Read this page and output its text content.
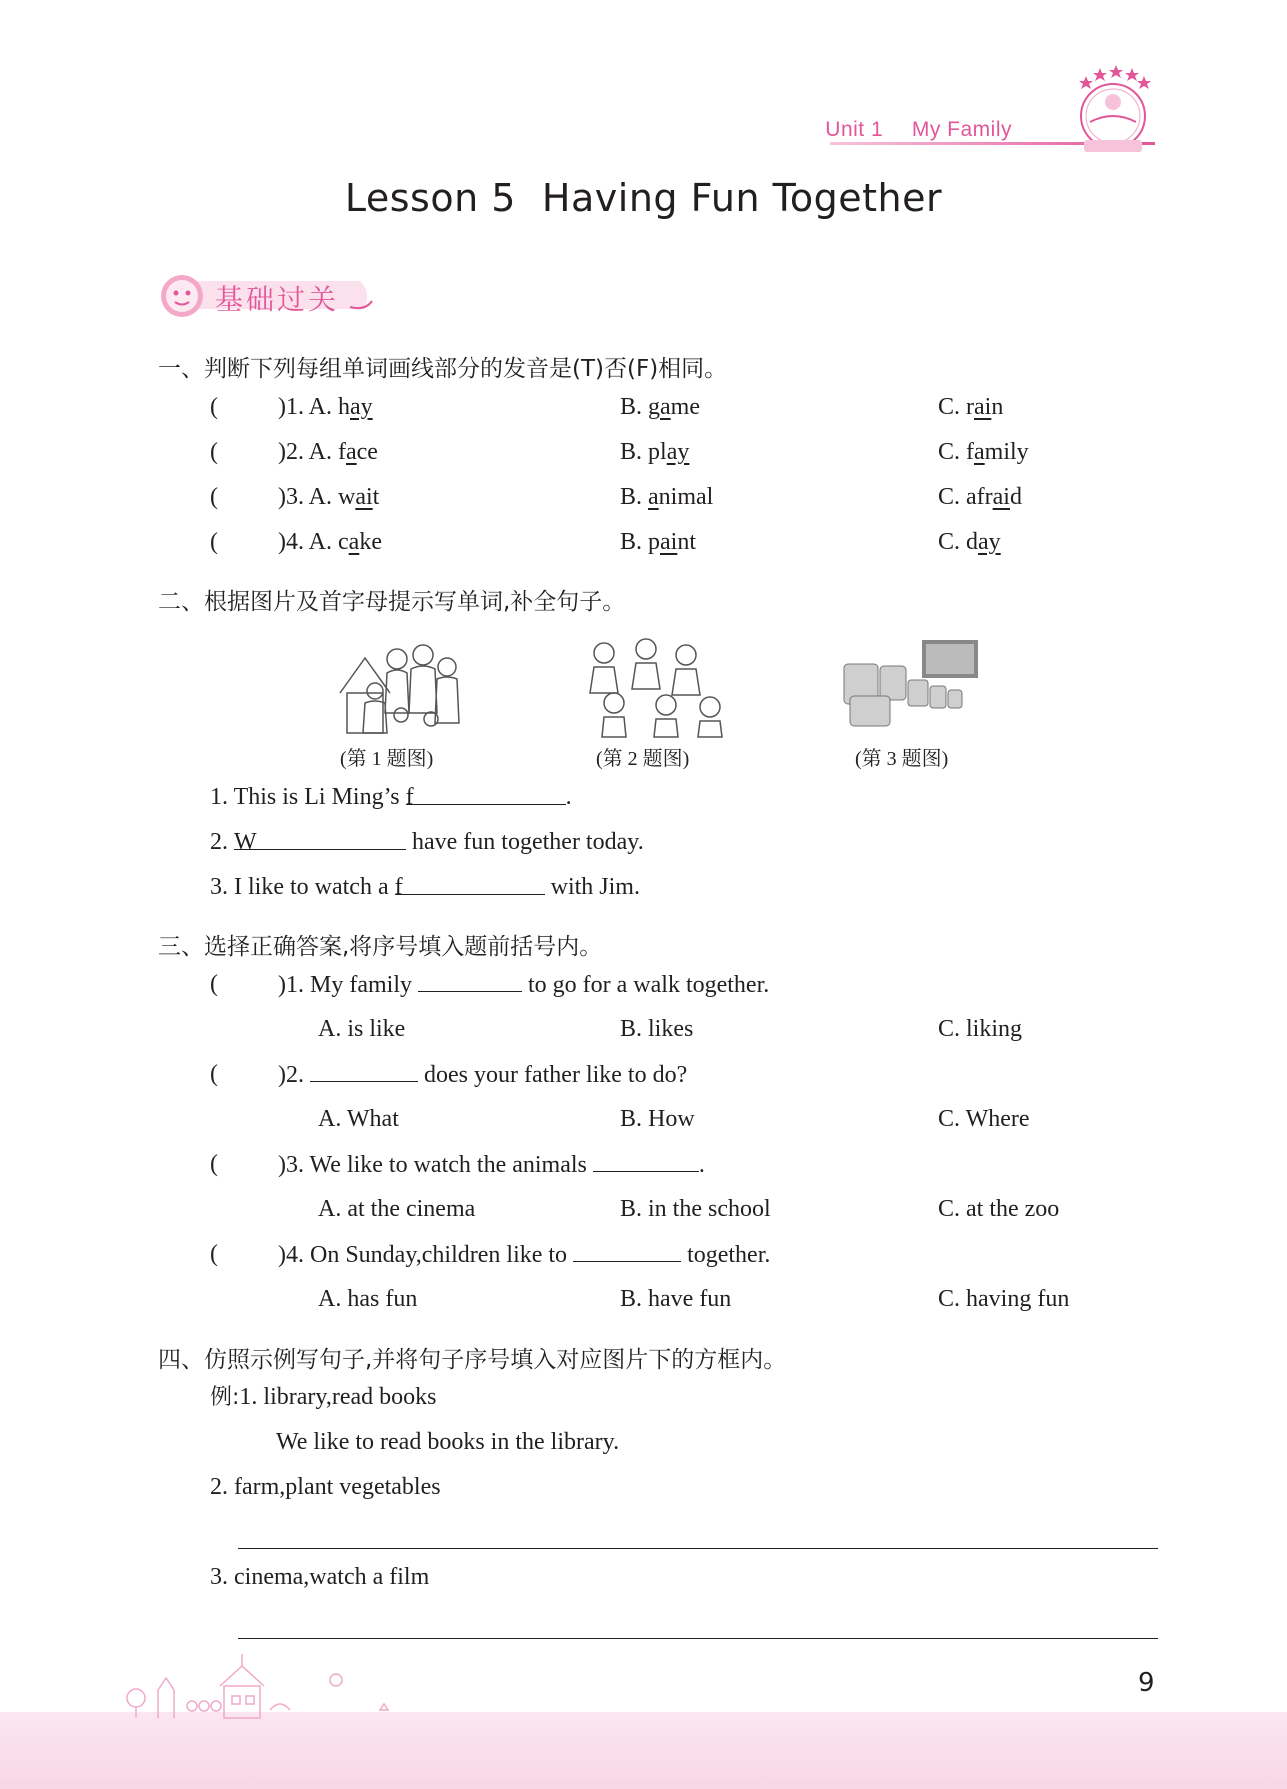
Unit 1 My Family
Lesson 5 Having Fun Together
基础过关
一、判断下列每组单词画线部分的发音是(T)否(F)相同。
二、根据图片及首字母提示写单词,补全句子。
(第 1 题图)	(第 2 题图)	(第 3 题图)
1. This is Li Ming’s f	.
2. W	have fun together today.
3. I like to watch a f	with Jim.
三、选择正确答案,将序号填入题前括号内。
四、仿照示例写句子,并将句子序号填入对应图片下的方框内。
例:1. library,read books
We like to read books in the library.
2. farm,plant vegetables
3. cinema,watch a film
9
(	)1. A. hay	B. game	C. rain
(	)2. A. face	B. play	C. family
(	)3. A. wait	B. animal	C. afraid
(	)4. A. cake	B. paint	C. day
(	)1. My family	to go for a walk together.
A. is like	B. likes	C. liking
(	)2.	does your father like to do?
A. What	B. How	C. Where
(	)3. We like to watch the animals	.
A. at the cinema	B. in the school	C. at the zoo
(	)4. On Sunday,children like to	together.
A. has fun	B. have fun	C. having fun
